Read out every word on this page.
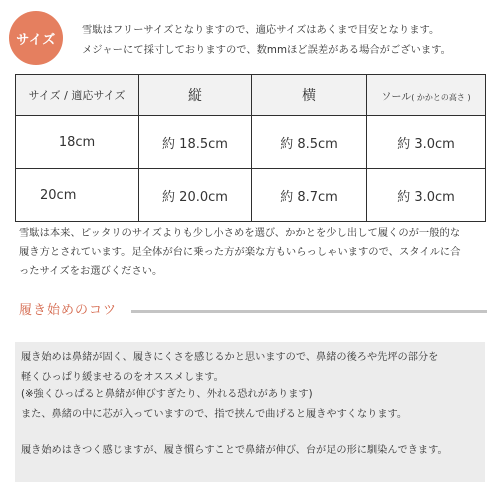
サイズ
雪駄はフリーサイズとなりますので、適応サイズはあくまで目安となります。
メジャーにて採寸しておりますので、数mmほど誤差がある場合がございます。
サイズ / 適応サイズ	縦	横	ソール( かかとの高さ )
18cm	約 18.5cm	約 8.5cm	約 3.0cm
20cm	約 20.0cm	約 8.7cm	約 3.0cm
雪駄は本来、ピッタリのサイズよりも少し小さめを選び、かかとを少し出して履くのが一般的な
履き方とされています。足全体が台に乗った方が楽な方もいらっしゃいますので、スタイルに合
ったサイズをお選びください。
履き始めのコツ
履き始めは鼻緒が固く、履きにくさを感じるかと思いますので、鼻緒の後ろや先坪の部分を
軽くひっぱり緩ませるのをオススメします。
(※強くひっぱると鼻緒が伸びすぎたり、外れる恐れがあります)
また、鼻緒の中に芯が入っていますので、指で挟んで曲げると履きやすくなります。
履き始めはきつく感じますが、履き慣らすことで鼻緒が伸び、台が足の形に馴染んできます。
